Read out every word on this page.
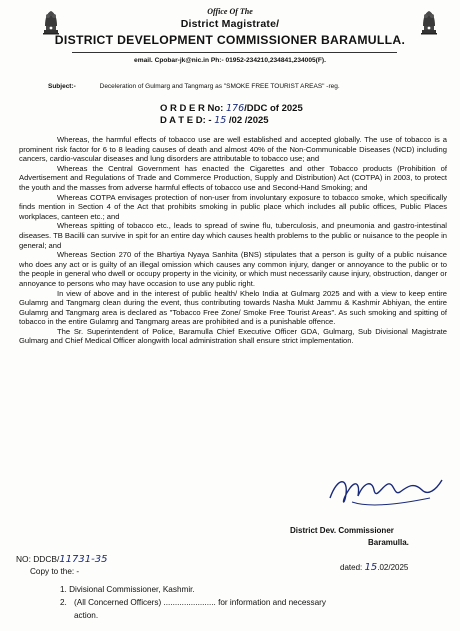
Office Of The
District Magistrate/
DISTRICT DEVELOPMENT COMMISSIONER BARAMULLA.
email. Cpobar-jk@nic.in Ph:- 01952-234210,234841,234005(F).
Subject:-	Deceleration of Gulmarg and Tangmarg as "SMOKE FREE TOURIST AREAS" -reg.
O R D E R No: 176/DDC of 2025
D A T E D: - 15 /02 /2025

Whereas, the harmful effects of tobacco use are well established and accepted globally. The use of tobacco is a prominent risk factor for 6 to 8 leading causes of death and almost 40% of the Non-Communicable Diseases (NCD) including cancers, cardio-vascular diseases and lung disorders are attributable to tobacco use; and

Whereas the Central Government has enacted the Cigarettes and other Tobacco products (Prohibition of Advertisement and Regulations of Trade and Commerce Production, Supply and Distribution) Act (COTPA) in 2003, to protect the youth and the masses from adverse harmful effects of tobacco use and Second-Hand Smoking; and

Whereas COTPA envisages protection of non-user from involuntary exposure to tobacco smoke, which specifically finds mention in Section 4 of the Act that prohibits smoking in public place which includes all public offices, Public Places workplaces, canteen etc.; and

Whereas spitting of tobacco etc., leads to spread of swine flu, tuberculosis, and pneumonia and gastro-intestinal diseases. TB Bacilli can survive in spit for an entire day which causes health problems to the public or nuisance to the people in general; and

Whereas Section 270 of the Bhartiya Nyaya Sanhita (BNS) stipulates that a person is guilty of a public nuisance who does any act or is guilty of an illegal omission which causes any common injury, danger or annoyance to the public or to the people in general who dwell or occupy property in the vicinity, or which must necessarily cause injury, obstruction, danger or annoyance to persons who may have occasion to use any public right.

In view of above and in the interest of public health/ Khelo India at Gulmarg 2025 and with a view to keep entire Gulamrg and Tangmarg clean during the event, thus contributing towards Nasha Mukt Jammu & Kashmir Abhiyan, the entire Gulamrg and Tangmarg area is declared as "Tobacco Free Zone/ Smoke Free Tourist Areas". As such smoking and spitting of tobacco in the entire Gulamrg and Tangmarg areas are prohibited and is a punishable offence.

The Sr. Superintendent of Police, Baramulla Chief Executive Officer GDA, Gulmarg, Sub Divisional Magistrate Gulmarg and Chief Medical Officer alongwith local administration shall ensure strict implementation.

District Dev. Commissioner
Baramulla.
dated: 15.02/2025
NO: DDCB/11731-35
Copy to the: -
1. Divisional Commissioner, Kashmir.
2. (All Concerned Officers) ....................... for information and necessary
action.
